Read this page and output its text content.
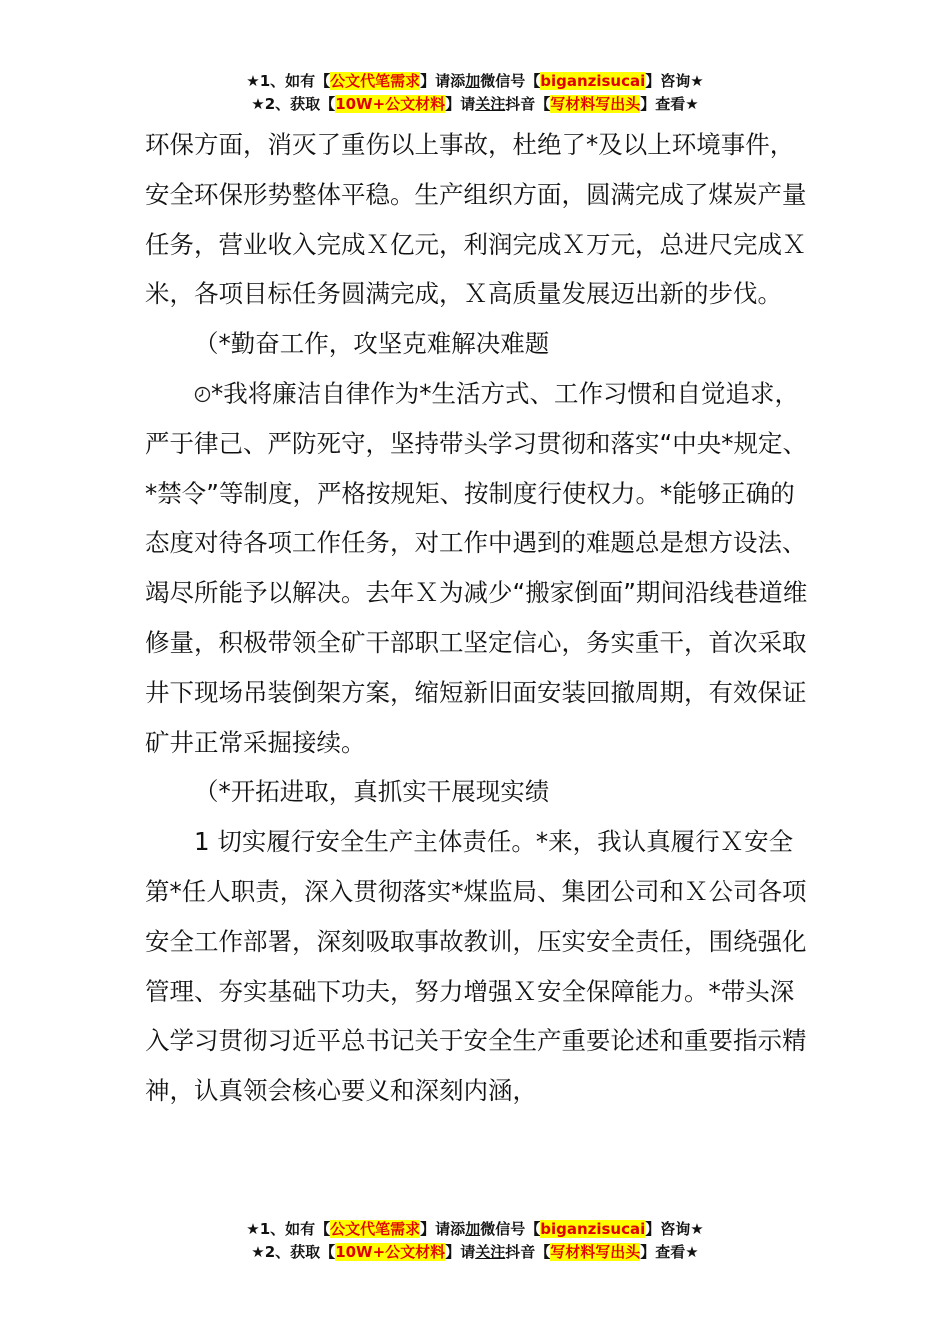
★1、如有【公文代笔需求】请添加微信号【biganzisucai】咨询★
★2、获取【10W+公文材料】请关注抖音【写材料写出头】查看★

环保方面，消灭了重伤以上事故，杜绝了*及以上环境事件，安全环保形势整体平稳。生产组织方面，圆满完成了煤炭产量任务，营业收入完成Ｘ亿元，利润完成Ｘ万元，总进尺完成Ｘ米，各项目标任务圆满完成，Ｘ高质量发展迈出新的步伐。

（*勤奋工作，攻坚克难解决难题

*我将廉洁自律作为*生活方式、工作习惯和自觉追求，严于律己、严防死守，坚持带头学习贯彻和落实“中央*规定、*禁令”等制度，严格按规矩、按制度行使权力。*能够正确的态度对待各项工作任务，对工作中遇到的难题总是想方设法、竭尽所能予以解决。去年Ｘ为减少“搬家倒面”期间沿线巷道维修量，积极带领全矿干部职工坚定信心，务实重干，首次采取井下现场吊装倒架方案，缩短新旧面安装回撤周期，有效保证矿井正常采掘接续。

（*开拓进取，真抓实干展现实绩

1 切实履行安全生产主体责任。*来，我认真履行Ｘ安全第*任人职责，深入贯彻落实*煤监局、集团公司和Ｘ公司各项安全工作部署，深刻吸取事故教训，压实安全责任，围绕强化管理、夯实基础下功夫，努力增强Ｘ安全保障能力。*带头深入学习贯彻习近平总书记关于安全生产重要论述和重要指示精神，认真领会核心要义和深刻内涵，

★1、如有【公文代笔需求】请添加微信号【biganzisucai】咨询★
★2、获取【10W+公文材料】请关注抖音【写材料写出头】查看★
